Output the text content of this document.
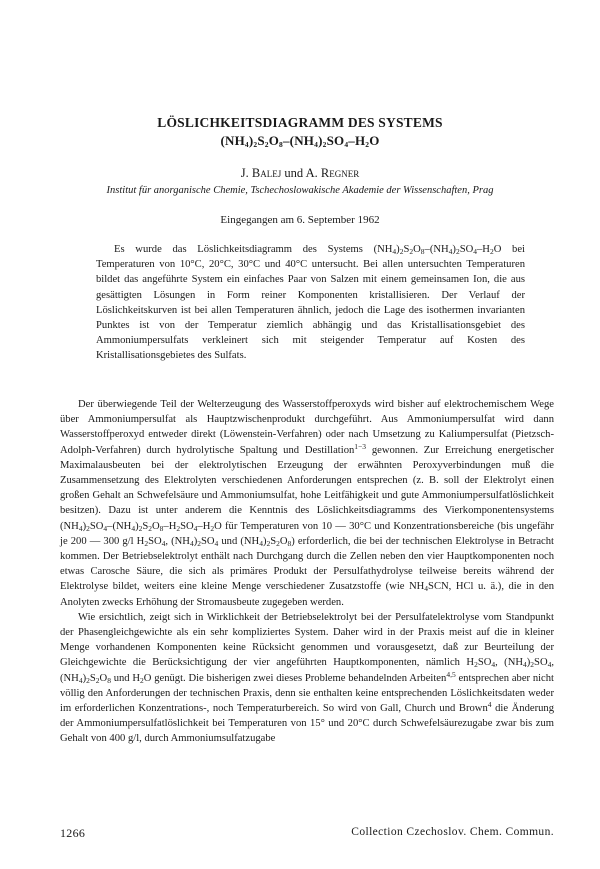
LÖSLICHKEITSDIAGRAMM DES SYSTEMS
$(NH_4)_2S_2O_8-(NH_4)_2SO_4-H_2O$
J. Balej und A. Regner
Institut für anorganische Chemie, Tschechoslowakische Akademie der Wissenschaften, Prag
Eingegangen am 6. September 1962
Es wurde das Löslichkeitsdiagramm des Systems $(NH_4)_2S_2O_8-(NH_4)_2SO_4-H_2O$ bei Temperaturen von 10°C, 20°C, 30°C und 40°C untersucht. Bei allen untersuchten Temperaturen bildet das angeführte System ein einfaches Paar von Salzen mit einem gemeinsamen Ion, die aus gesättigten Lösungen in Form reiner Komponenten kristallisieren. Der Verlauf der Löslichkeitskurven ist bei allen Temperaturen ähnlich, jedoch die Lage des isothermen invarianten Punktes ist von der Temperatur ziemlich abhängig und das Kristallisationsgebiet des Ammoniumpersulfats verkleinert sich mit steigender Temperatur auf Kosten des Kristallisationsgebietes des Sulfats.

Der überwiegende Teil der Welterzeugung des Wasserstoffperoxyds wird bisher auf elektrochemischem Wege über Ammoniumpersulfat als Hauptzwischenprodukt durchgeführt. Aus Ammoniumpersulfat wird dann Wasserstoffperoxyd entweder direkt (Löwenstein-Verfahren) oder nach Umsetzung zu Kaliumpersulfat (Pietzsch-Adolph-Verfahren) durch hydrolytische Spaltung und Destillation$^{1-3}$ gewonnen. Zur Erreichung energetischer Maximalausbeuten bei der elektrolytischen Erzeugung der erwähnten Peroxyverbindungen muß die Zusammensetzung des Elektrolyten verschiedenen Anforderungen entsprechen (z. B. soll der Elektrolyt einen großen Gehalt an Schwefelsäure und Ammoniumsulfat, hohe Leitfähigkeit und gute Ammoniumpersulfatlöslichkeit besitzen). Dazu ist unter anderem die Kenntnis des Löslichkeitsdiagramms des Vierkomponentensystems $(NH_4)_2SO_4-(NH_4)_2S_2O_8-H_2SO_4-H_2O$ für Temperaturen von 10 — 30°C und Konzentrationsbereiche (bis ungefähr je 200 — 300 g/l $H_2SO_4$, $(NH_4)_2SO_4$ und $(NH_4)_2S_2O_8$) erforderlich, die bei der technischen Elektrolyse in Betracht kommen. Der Betriebselektrolyt enthält nach Durchgang durch die Zellen neben den vier Hauptkomponenten noch etwas Carosche Säure, die sich als primäres Produkt der Persulfathydrolyse teilweise bereits während der Elektrolyse bildet, weiters eine kleine Menge verschiedener Zusatzstoffe (wie $NH_4SCN$, HCl u. ä.), die in den Anolyten zwecks Erhöhung der Stromausbeute zugegeben werden.

Wie ersichtlich, zeigt sich in Wirklichkeit der Betriebselektrolyt bei der Persulfatelektrolyse vom Standpunkt der Phasengleichgewichte als ein sehr kompliziertes System. Daher wird in der Praxis meist auf die in kleiner Menge vorhandenen Komponenten keine Rücksicht genommen und vorausgesetzt, daß zur Beurteilung der Gleichgewichte die Berücksichtigung der vier angeführten Hauptkomponenten, nämlich $H_2SO_4$, $(NH_4)_2SO_4$, $(NH_4)_2S_2O_8$ und $H_2O$ genügt. Die bisherigen zwei dieses Probleme behandelnden Arbeiten$^{4,5}$ entsprechen aber nicht völlig den Anforderungen der technischen Praxis, denn sie enthalten keine entsprechenden Löslichkeitsdaten weder im erforderlichen Konzentrations-, noch Temperaturbereich. So wird von Gall, Church und Brown$^4$ die Änderung der Ammoniumpersulfatlöslichkeit bei Temperaturen von 15° und 20°C durch Schwefelsäurezugabe zwar bis zum Gehalt von 400 g/l, durch Ammoniumsulfatzugabe

1266	Collection Czechoslov. Chem. Commun.
